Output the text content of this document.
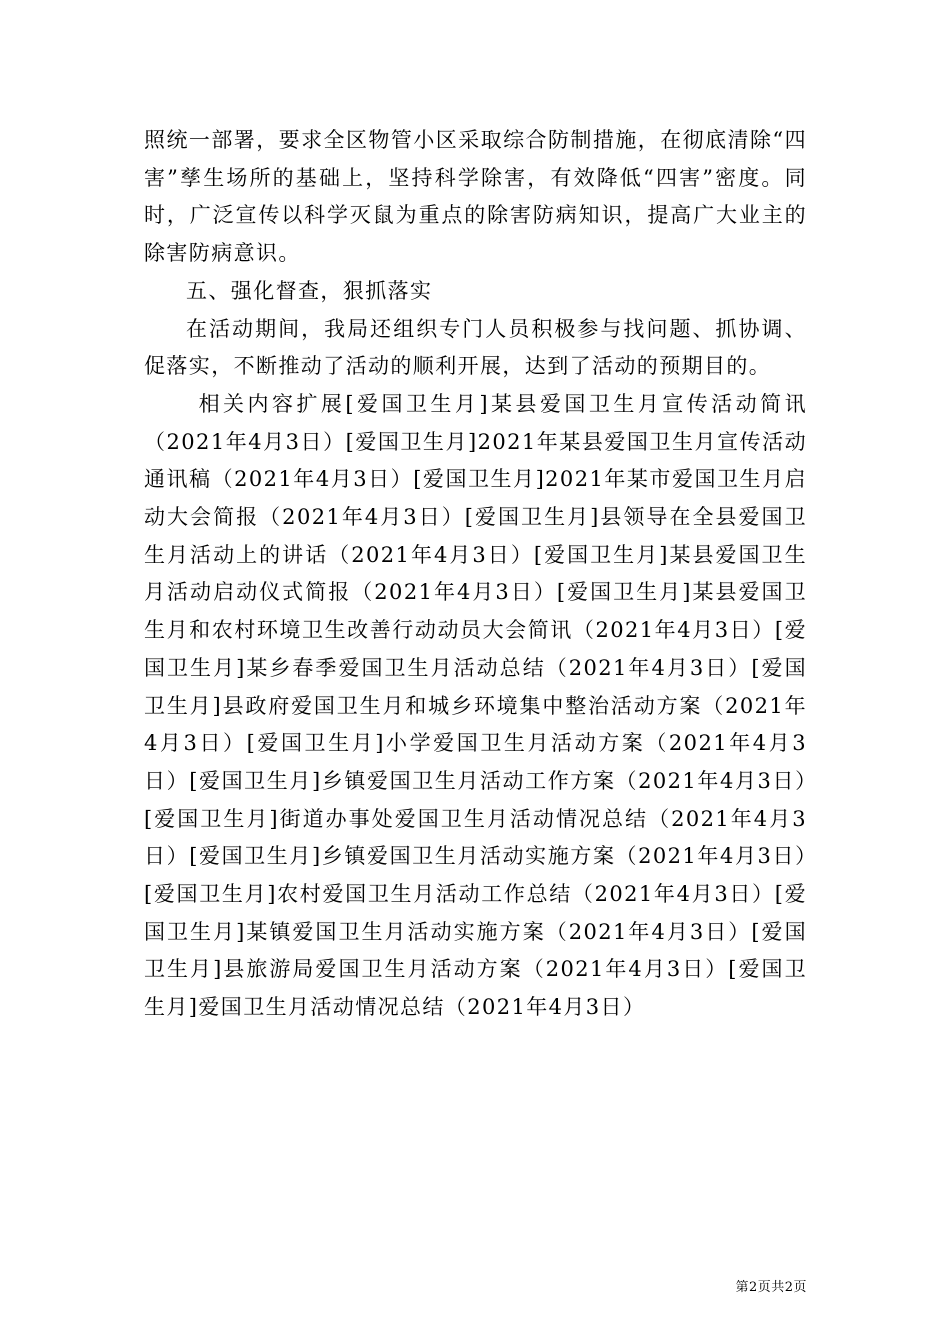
照统一部署，要求全区物管小区采取综合防制措施，在彻底清除“四害”孳生场所的基础上，坚持科学除害，有效降低“四害”密度。同时，广泛宣传以科学灭鼠为重点的除害防病知识，提高广大业主的除害防病意识。

五、强化督查，狠抓落实

在活动期间，我局还组织专门人员积极参与找问题、抓协调、促落实，不断推动了活动的顺利开展，达到了活动的预期目的。

相关内容扩展[爱国卫生月]某县爱国卫生月宣传活动简讯（2021年4月3日）[爱国卫生月]2021年某县爱国卫生月宣传活动通讯稿（2021年4月3日）[爱国卫生月]2021年某市爱国卫生月启动大会简报（2021年4月3日）[爱国卫生月]县领导在全县爱国卫生月活动上的讲话（2021年4月3日）[爱国卫生月]某县爱国卫生月活动启动仪式简报（2021年4月3日）[爱国卫生月]某县爱国卫生月和农村环境卫生改善行动动员大会简讯（2021年4月3日）[爱国卫生月]某乡春季爱国卫生月活动总结（2021年4月3日）[爱国卫生月]县政府爱国卫生月和城乡环境集中整治活动方案（2021年4月3日）[爱国卫生月]小学爱国卫生月活动方案（2021年4月3日）[爱国卫生月]乡镇爱国卫生月活动工作方案（2021年4月3日）[爱国卫生月]街道办事处爱国卫生月活动情况总结（2021年4月3日）[爱国卫生月]乡镇爱国卫生月活动实施方案（2021年4月3日）[爱国卫生月]农村爱国卫生月活动工作总结（2021年4月3日）[爱国卫生月]某镇爱国卫生月活动实施方案（2021年4月3日）[爱国卫生月]县旅游局爱国卫生月活动方案（2021年4月3日）[爱国卫生月]爱国卫生月活动情况总结（2021年4月3日）

第2页共2页
